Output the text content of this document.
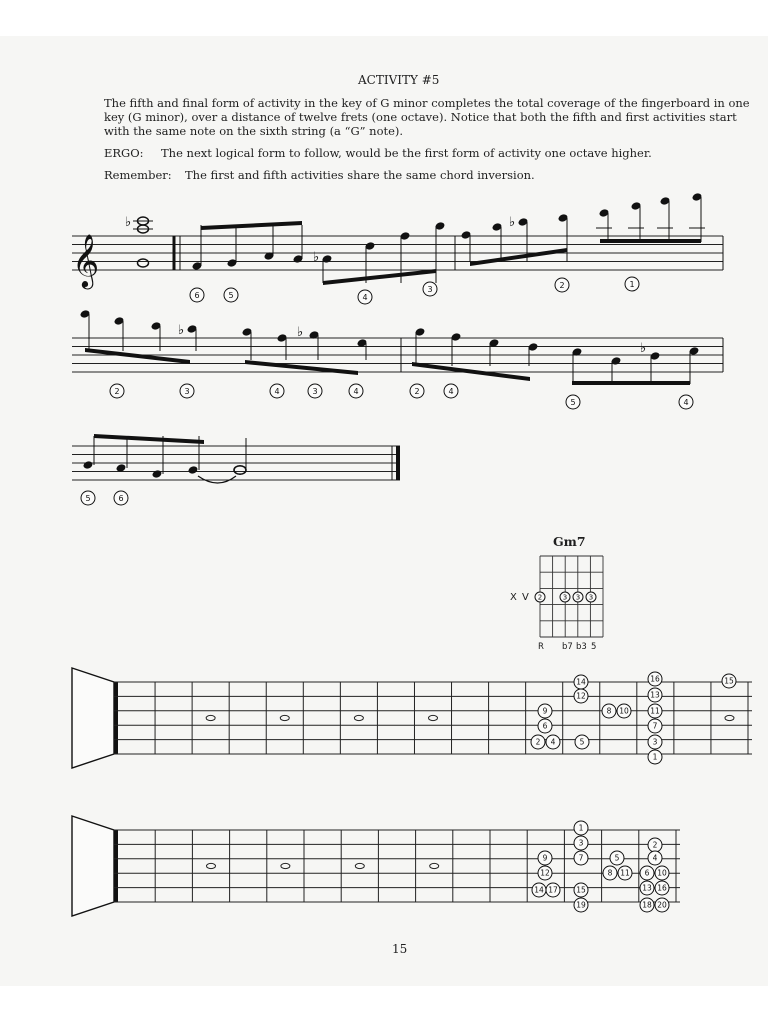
ACTIVITY #5
The fifth and final form of activity in the key of G minor completes the total coverage of the fingerboard in one
key (G minor), over a distance of twelve frets (one octave). Notice that both the fifth and first activities start
with the same note on the sixth string (a “G” note).
ERGO: The next logical form to follow, would be the first form of activity one octave higher.
Remember: The first and fifth activities share the same chord inversion.
𝄞
♭
♭
♭
♭	♭
♭
6	5	4
3	2	1
2	3	4	3	4	2	4
5	4
5	6
2	3 3 3
14
12
16
13
9	8 10	11
6	7
2 4	5	3
1
15
1
3	2
9	7	5	4
12	8 11 6 10
14 17 15	13 16
19	18 20
Gm7
X V
R b7 b3 5
15
